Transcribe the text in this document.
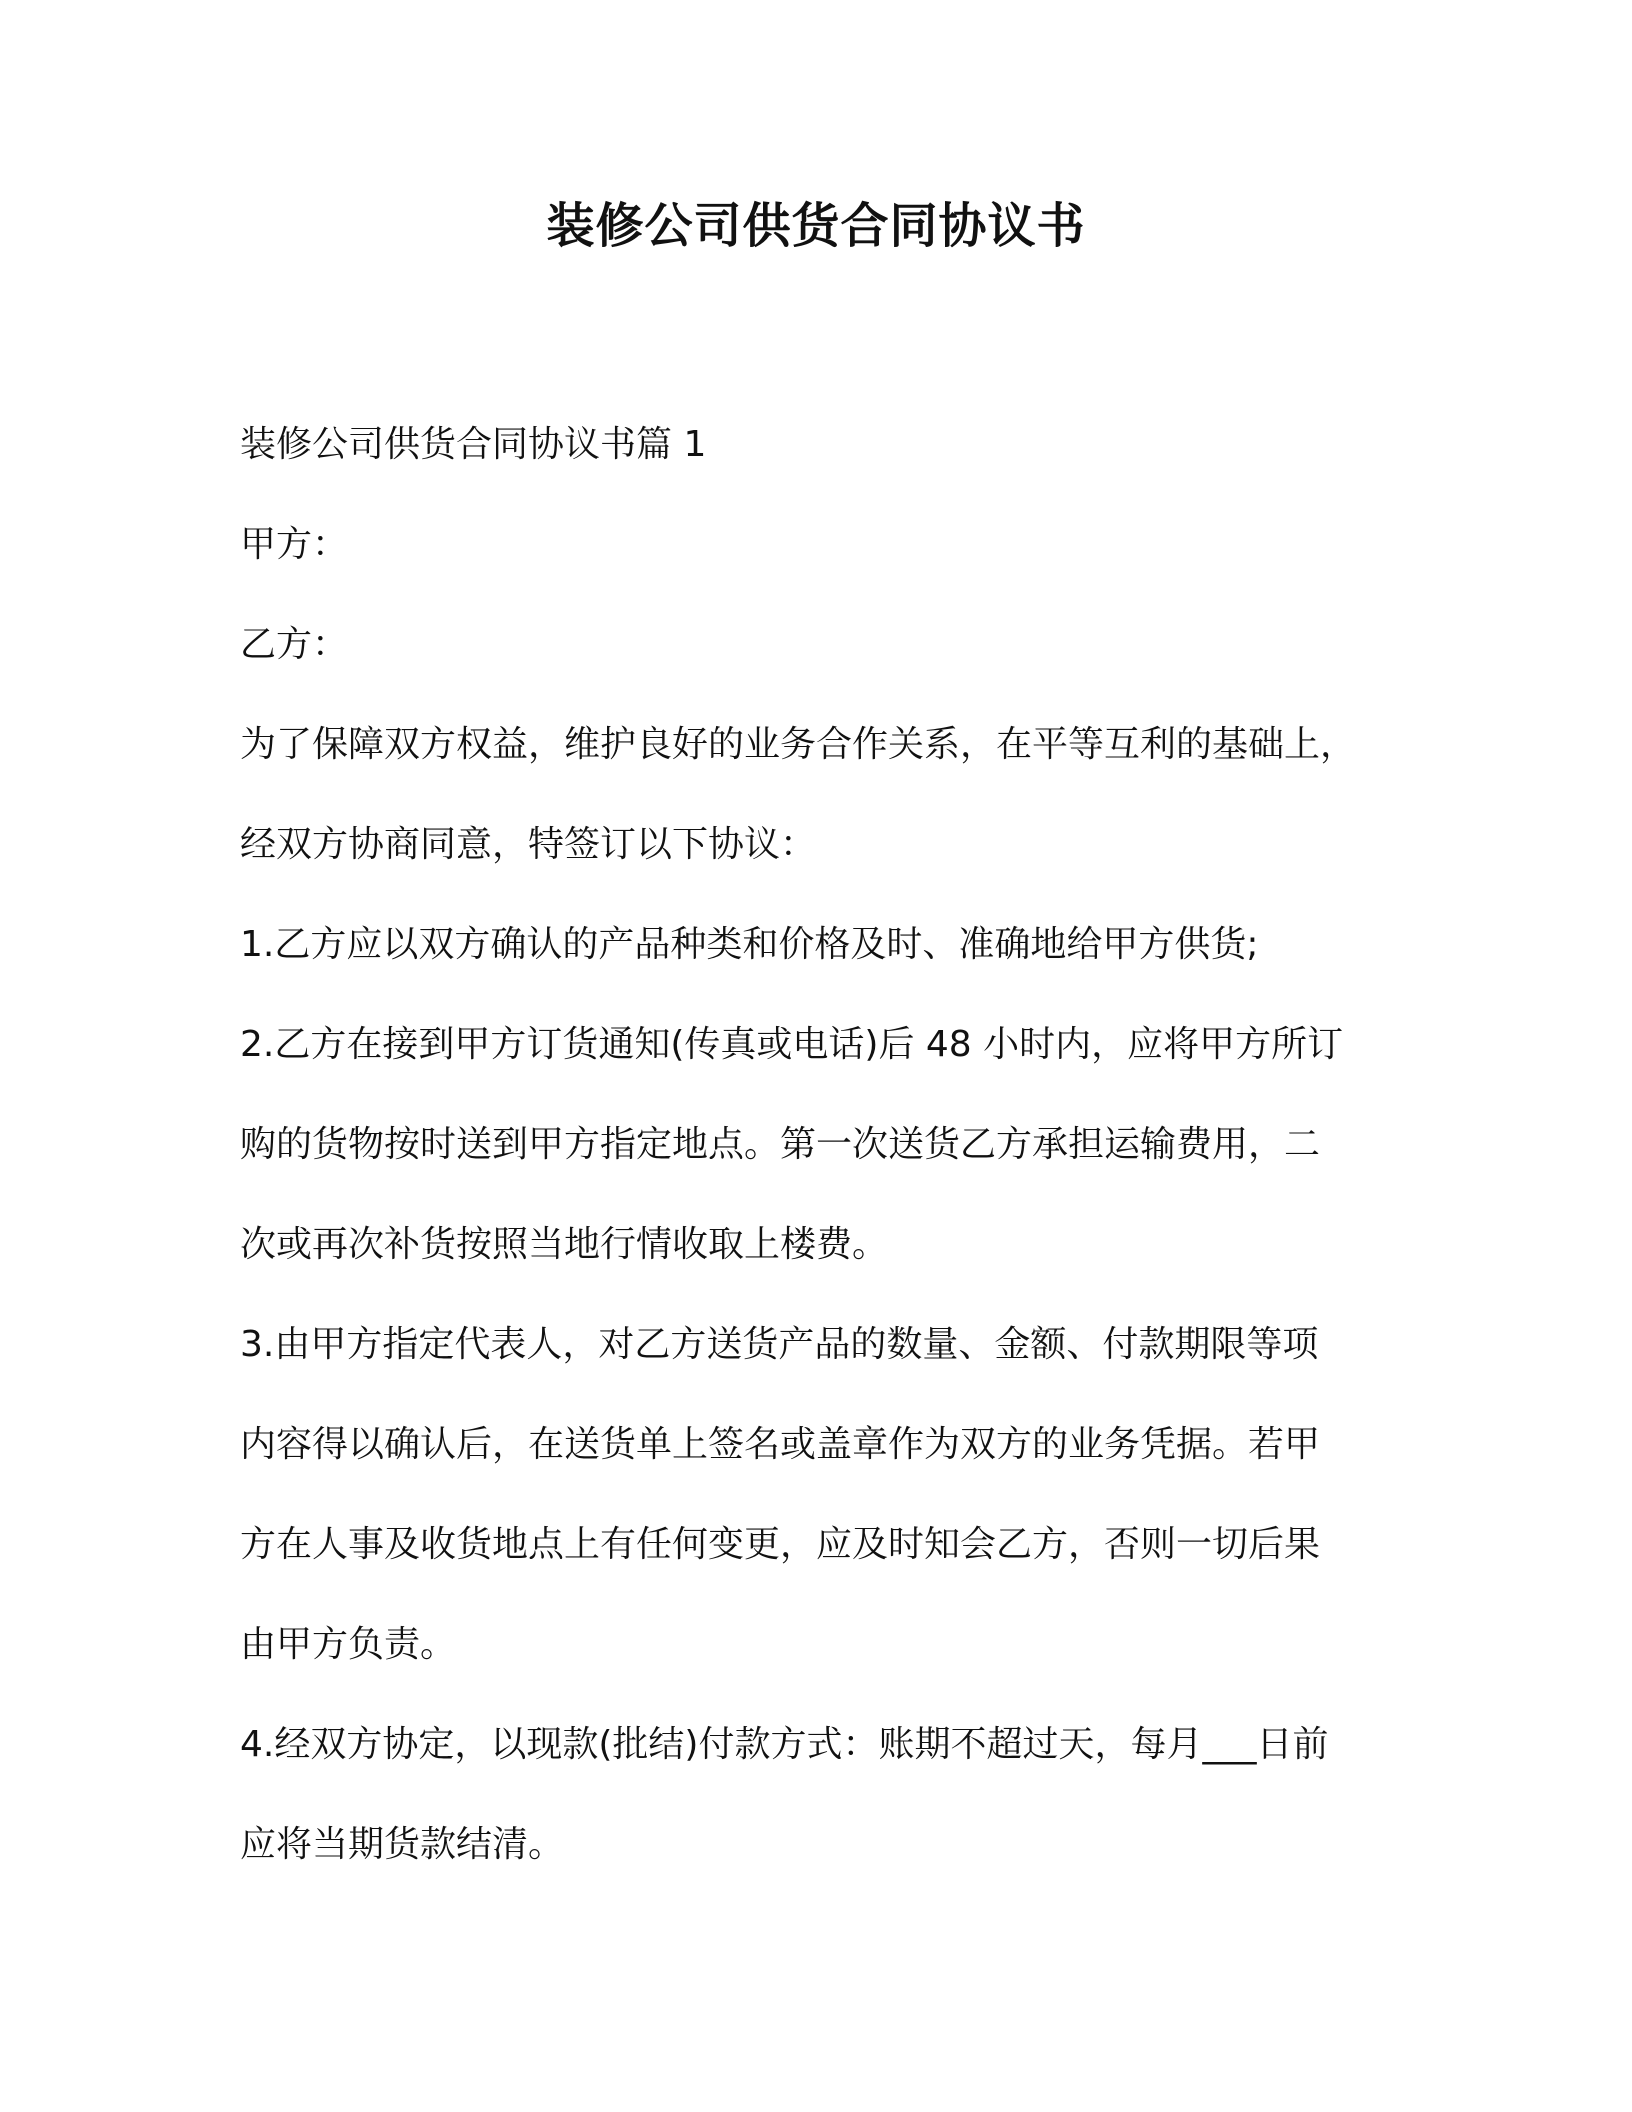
装修公司供货合同协议书
装修公司供货合同协议书篇 1
甲方：
乙方：
为了保障双方权益，维护良好的业务合作关系，在平等互利的基础上，
经双方协商同意，特签订以下协议：
1.乙方应以双方确认的产品种类和价格及时、准确地给甲方供货;
2.乙方在接到甲方订货通知(传真或电话)后 48 小时内，应将甲方所订
购的货物按时送到甲方指定地点。第一次送货乙方承担运输费用，二
次或再次补货按照当地行情收取上楼费。
3.由甲方指定代表人，对乙方送货产品的数量、金额、付款期限等项
内容得以确认后，在送货单上签名或盖章作为双方的业务凭据。若甲
方在人事及收货地点上有任何变更，应及时知会乙方，否则一切后果
由甲方负责。
4.经双方协定，以现款(批结)付款方式：账期不超过天，每月___日前
应将当期货款结清。
